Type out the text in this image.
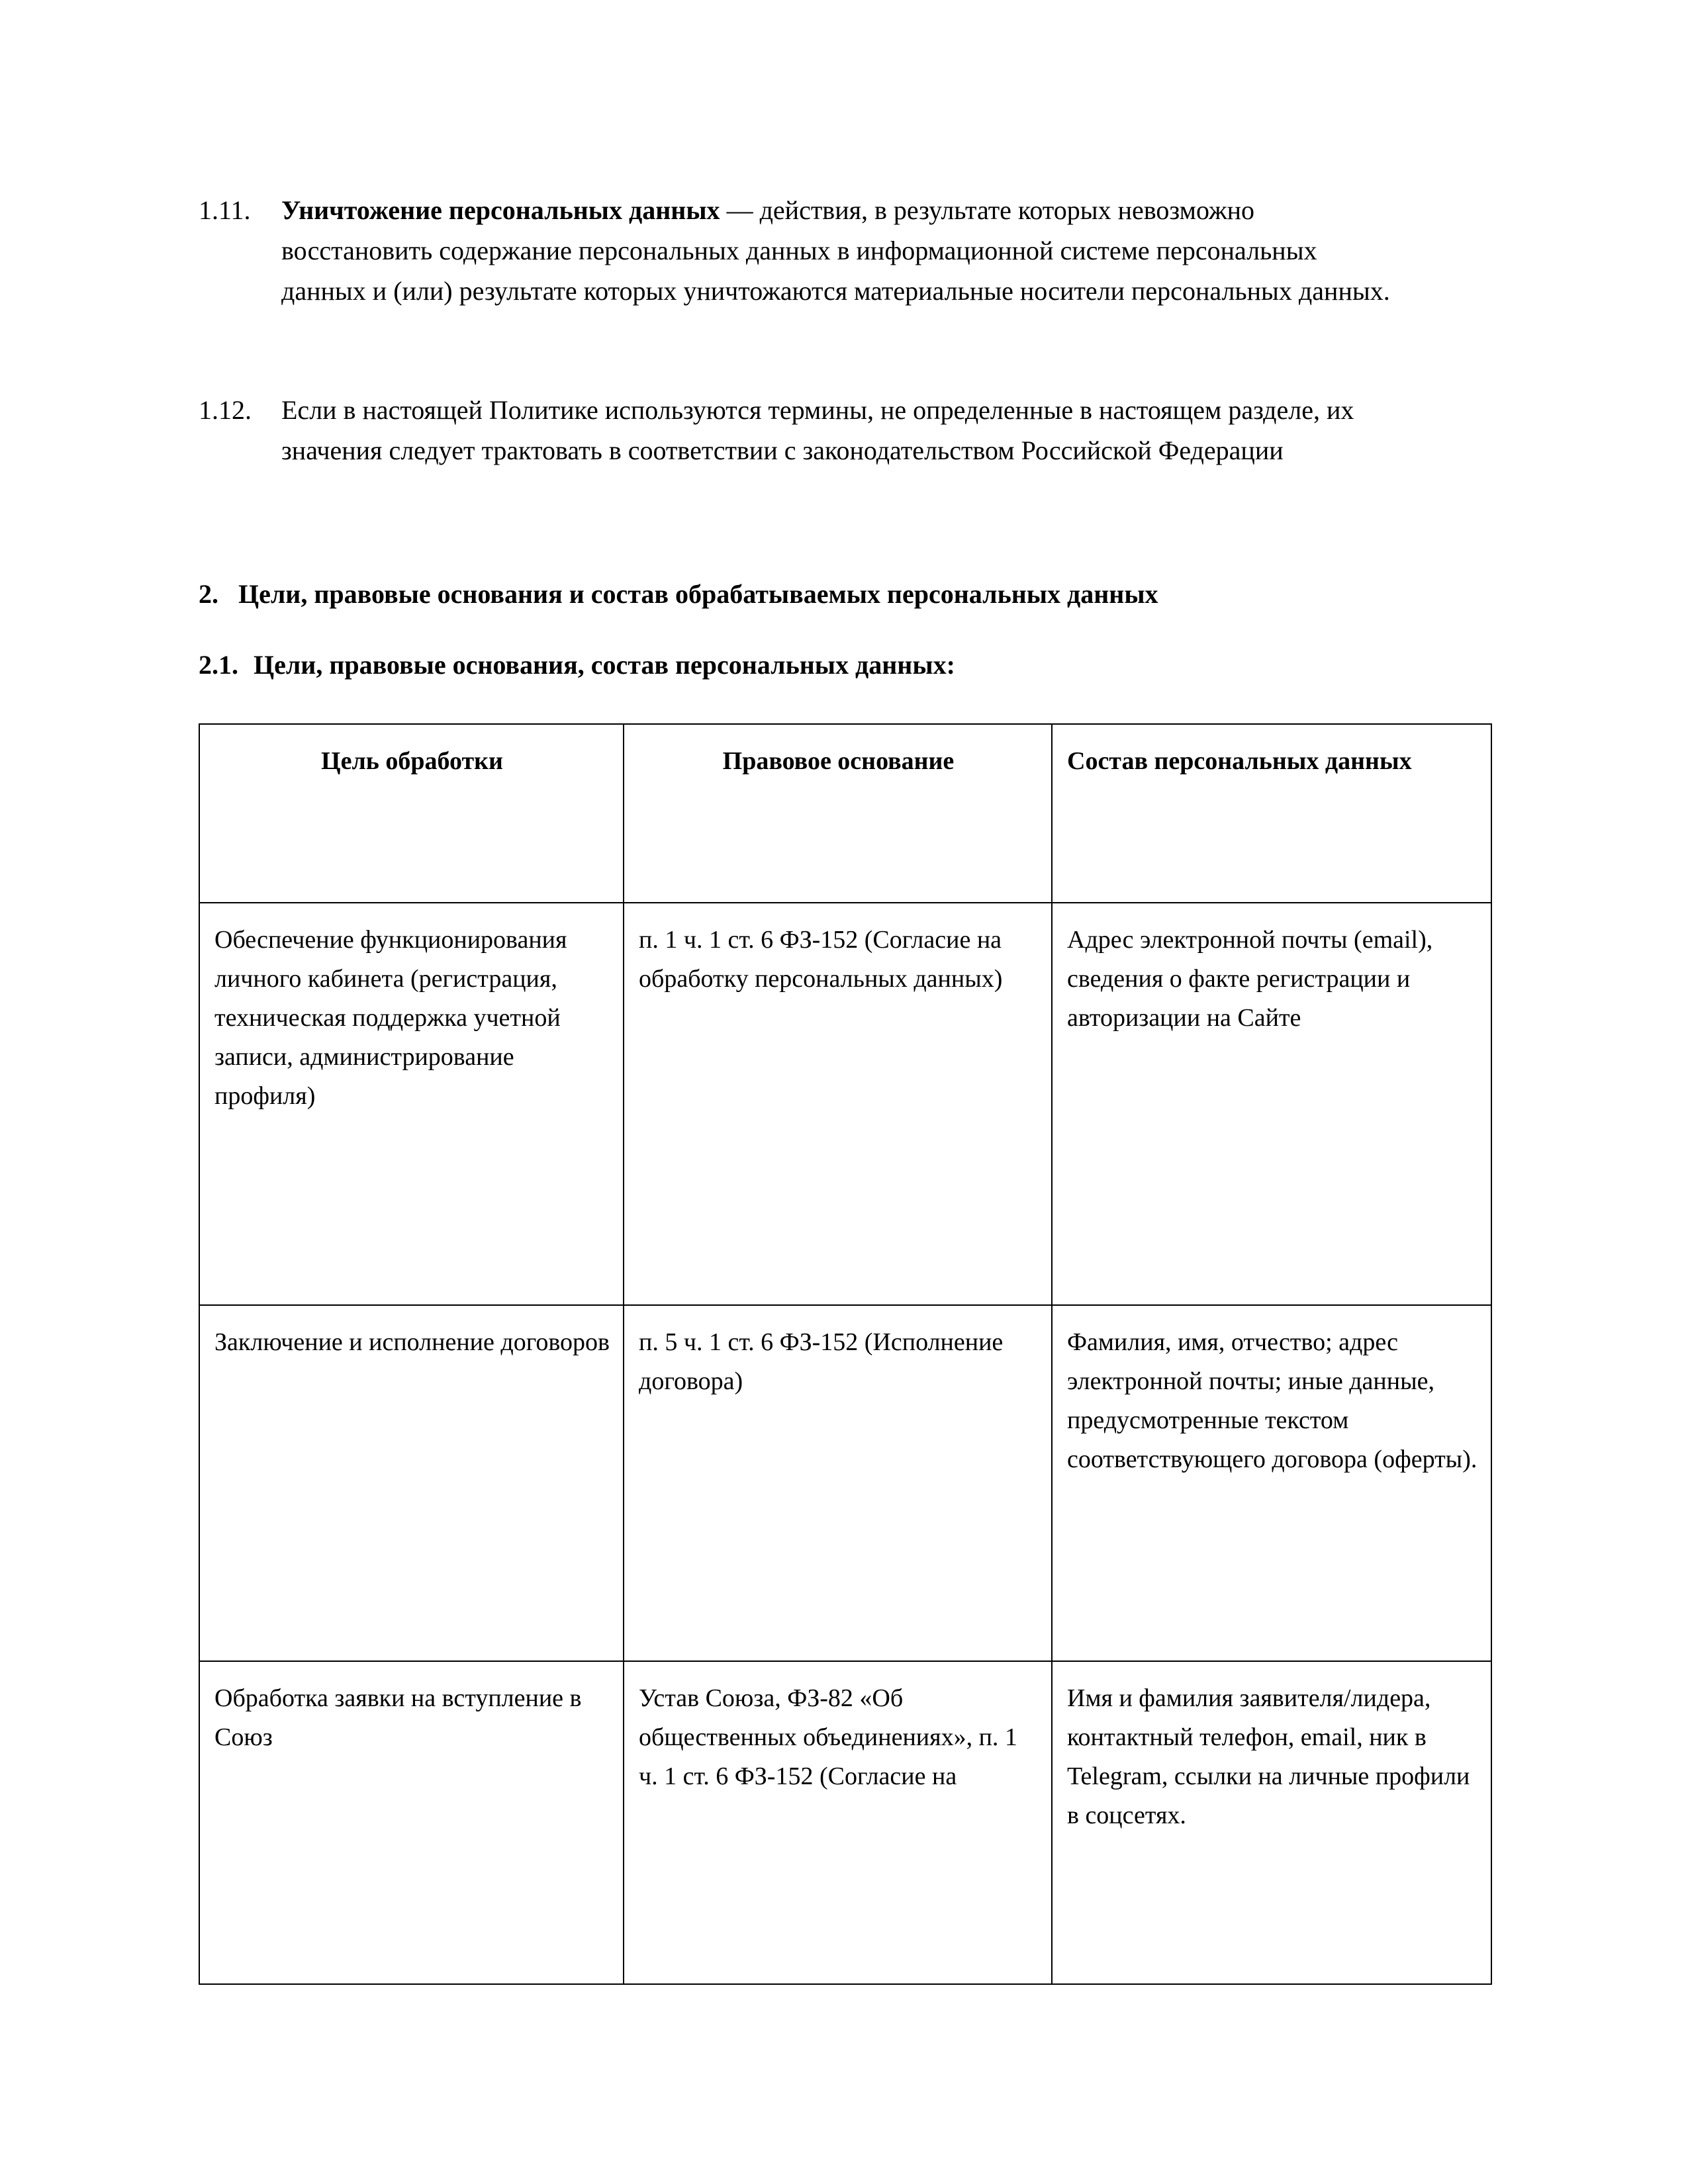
1.11.	Уничтожение персональных данных — действия, в результате которых невозможно восстановить содержание персональных данных в информационной системе персональных данных и (или) результате которых уничтожаются материальные носители персональных данных.
1.12.	Если в настоящей Политике используются термины, не определенные в настоящем разделе, их значения следует трактовать в соответствии с законодательством Российской Федерации
2. Цели, правовые основания и состав обрабатываемых персональных данных
2.1. Цели, правовые основания, состав персональных данных:
Цель обработки	Правовое основание	Состав персональных данных

Обеспечение функционирования личного кабинета (регистрация, техническая поддержка учетной записи, администрирование профиля)	п. 1 ч. 1 ст. 6 ФЗ-152 (Согласие на обработку персональных данных)	Адрес электронной почты (email), сведения о факте регистрации и авторизации на Сайте

Заключение и исполнение договоров	п. 5 ч. 1 ст. 6 ФЗ-152 (Исполнение договора)	Фамилия, имя, отчество; адрес электронной почты; иные данные, предусмотренные текстом соответствующего договора (оферты).

Обработка заявки на вступление в Союз	Устав Союза, ФЗ-82 «Об общественных объединениях», п. 1 ч. 1 ст. 6 ФЗ-152 (Согласие на	Имя и фамилия заявителя/лидера, контактный телефон, email, ник в Telegram, ссылки на личные профили в соцсетях.
